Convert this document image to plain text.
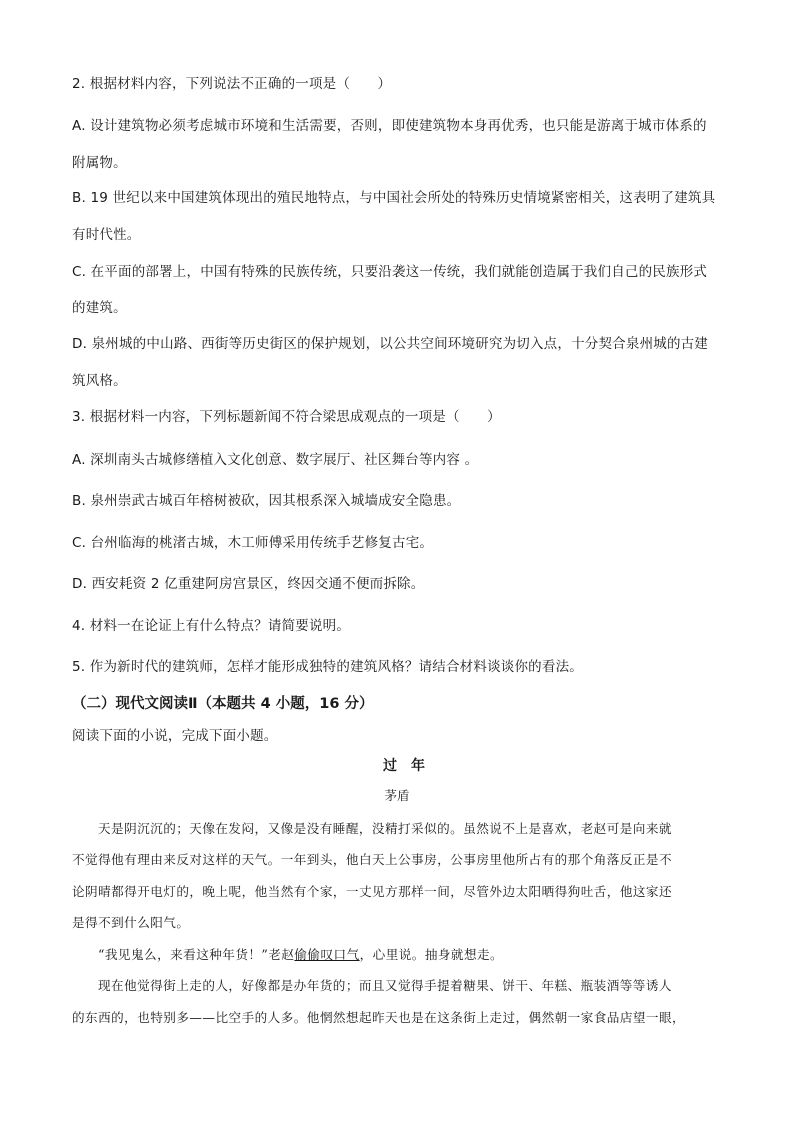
2. 根据材料内容，下列说法不正确的一项是（　　）
A. 设计建筑物必须考虑城市环境和生活需要，否则，即使建筑物本身再优秀，也只能是游离于城市体系的
附属物。
B. 19 世纪以来中国建筑体现出的殖民地特点，与中国社会所处的特殊历史情境紧密相关，这表明了建筑具
有时代性。
C. 在平面的部署上，中国有特殊的民族传统，只要沿袭这一传统，我们就能创造属于我们自己的民族形式
的建筑。
D. 泉州城的中山路、西街等历史街区的保护规划，以公共空间环境研究为切入点，十分契合泉州城的古建
筑风格。
3. 根据材料一内容，下列标题新闻不符合梁思成观点的一项是（　　）
A. 深圳南头古城修缮植入文化创意、数字展厅、社区舞台等内容 。
B. 泉州崇武古城百年榕树被砍，因其根系深入城墙成安全隐患。
C. 台州临海的桃渚古城，木工师傅采用传统手艺修复古宅。
D. 西安耗资 2 亿重建阿房宫景区，终因交通不便而拆除。
4. 材料一在论证上有什么特点？请简要说明。
5. 作为新时代的建筑师，怎样才能形成独特的建筑风格？请结合材料谈谈你的看法。
（二）现代文阅读Ⅱ（本题共 4 小题，16 分）
阅读下面的小说，完成下面小题。
过年
茅盾
天是阴沉沉的；天像在发闷，又像是没有睡醒，没精打采似的。虽然说不上是喜欢，老赵可是向来就
不觉得他有理由来反对这样的天气。一年到头，他白天上公事房，公事房里他所占有的那个角落反正是不
论阴晴都得开电灯的，晚上呢，他当然有个家，一丈见方那样一间，尽管外边太阳晒得狗吐舌，他这家还
是得不到什么阳气。
“我见鬼么，来看这种年货！”老赵偷偷叹口气，心里说。抽身就想走。
现在他觉得街上走的人，好像都是办年货的；而且又觉得手提着糖果、饼干、年糕、瓶装酒等等诱人
的东西的，也特别多——比空手的人多。他惘然想起昨天也是在这条街上走过，偶然朝一家食品店望一眼，
